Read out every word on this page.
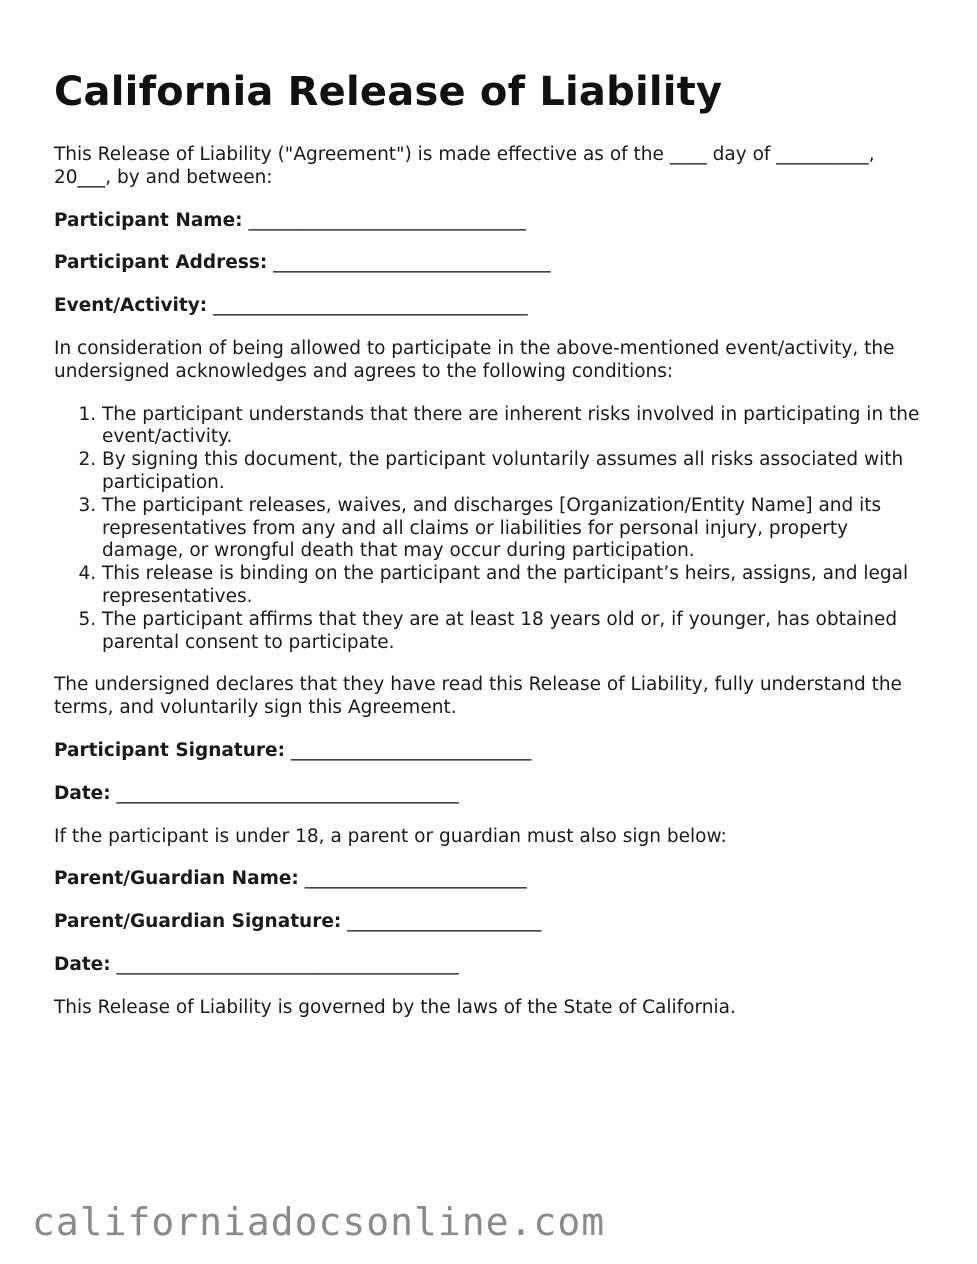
California Release of Liability

This Release of Liability ("Agreement") is made effective as of the ____ day of __________, 20___, by and between:

Participant Name: ______________________________
Participant Address: ______________________________
Event/Activity: __________________________________

In consideration of being allowed to participate in the above-mentioned event/activity, the undersigned acknowledges and agrees to the following conditions:

1. The participant understands that there are inherent risks involved in participating in the event/activity.
2. By signing this document, the participant voluntarily assumes all risks associated with participation.
3. The participant releases, waives, and discharges [Organization/Entity Name] and its representatives from any and all claims or liabilities for personal injury, property damage, or wrongful death that may occur during participation.
4. This release is binding on the participant and the participant’s heirs, assigns, and legal representatives.
5. The participant affirms that they are at least 18 years old or, if younger, has obtained parental consent to participate.

The undersigned declares that they have read this Release of Liability, fully understand the terms, and voluntarily sign this Agreement.

Participant Signature: __________________________
Date: _____________________________________

If the participant is under 18, a parent or guardian must also sign below:

Parent/Guardian Name: ________________________
Parent/Guardian Signature: _____________________
Date: _____________________________________

This Release of Liability is governed by the laws of the State of California.

californiadocsonline.com
